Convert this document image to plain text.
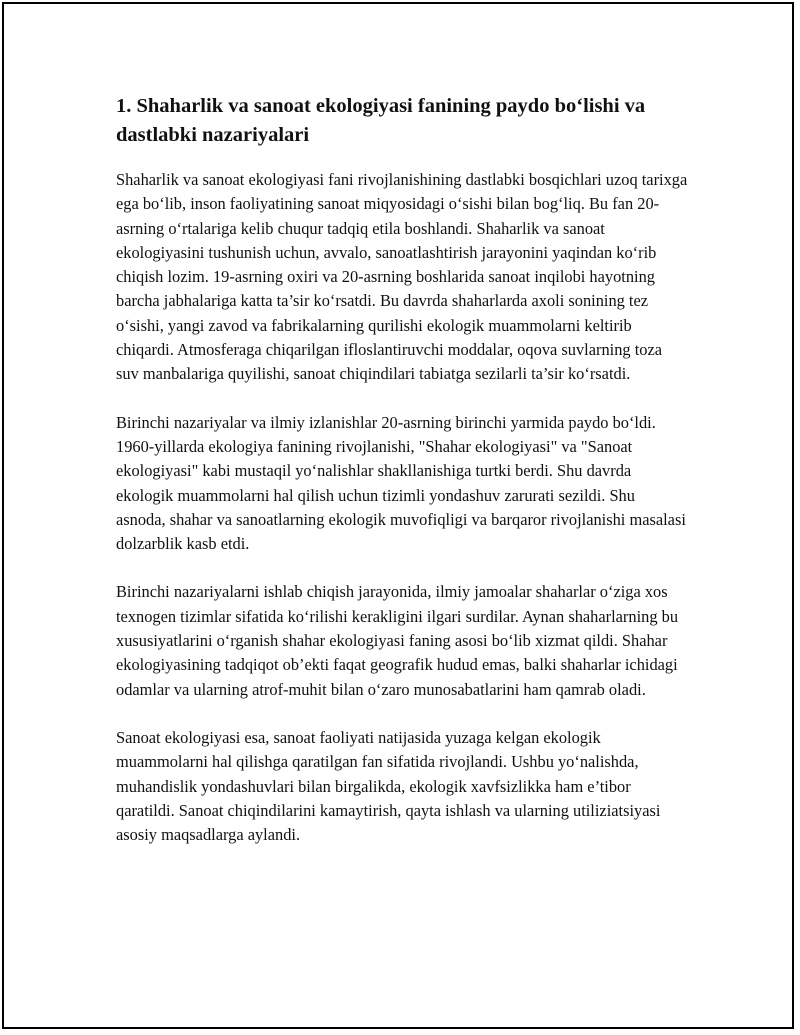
1. Shaharlik va sanoat ekologiyasi fanining paydo bo‘lishi va dastlabki nazariyalari

Shaharlik va sanoat ekologiyasi fani rivojlanishining dastlabki bosqichlari uzoq tarixga ega bo‘lib, inson faoliyatining sanoat miqyosidagi o‘sishi bilan bog‘liq. Bu fan 20-asrning o‘rtalariga kelib chuqur tadqiq etila boshlandi. Shaharlik va sanoat ekologiyasini tushunish uchun, avvalo, sanoatlashtirish jarayonini yaqindan ko‘rib chiqish lozim. 19-asrning oxiri va 20-asrning boshlarida sanoat inqilobi hayotning barcha jabhalariga katta ta’sir ko‘rsatdi. Bu davrda shaharlarda axoli sonining tez o‘sishi, yangi zavod va fabrikalarning qurilishi ekologik muammolarni keltirib chiqardi. Atmosferaga chiqarilgan ifloslantiruvchi moddalar, oqova suvlarning toza suv manbalariga quyilishi, sanoat chiqindilari tabiatga sezilarli ta’sir ko‘rsatdi.

Birinchi nazariyalar va ilmiy izlanishlar 20-asrning birinchi yarmida paydo bo‘ldi. 1960-yillarda ekologiya fanining rivojlanishi, "Shahar ekologiyasi" va "Sanoat ekologiyasi" kabi mustaqil yo‘nalishlar shakllanishiga turtki berdi. Shu davrda ekologik muammolarni hal qilish uchun tizimli yondashuv zarurati sezildi. Shu asnoda, shahar va sanoatlarning ekologik muvofiqligi va barqaror rivojlanishi masalasi dolzarblik kasb etdi.

Birinchi nazariyalarni ishlab chiqish jarayonida, ilmiy jamoalar shaharlar o‘ziga xos texnogen tizimlar sifatida ko‘rilishi kerakligini ilgari surdilar. Aynan shaharlarning bu xususiyatlarini o‘rganish shahar ekologiyasi faning asosi bo‘lib xizmat qildi. Shahar ekologiyasining tadqiqot ob’ekti faqat geografik hudud emas, balki shaharlar ichidagi odamlar va ularning atrof-muhit bilan o‘zaro munosabatlarini ham qamrab oladi.

Sanoat ekologiyasi esa, sanoat faoliyati natijasida yuzaga kelgan ekologik muammolarni hal qilishga qaratilgan fan sifatida rivojlandi. Ushbu yo‘nalishda, muhandislik yondashuvlari bilan birgalikda, ekologik xavfsizlikka ham e’tibor qaratildi. Sanoat chiqindilarini kamaytirish, qayta ishlash va ularning utiliziatsiyasi asosiy maqsadlarga aylandi.
